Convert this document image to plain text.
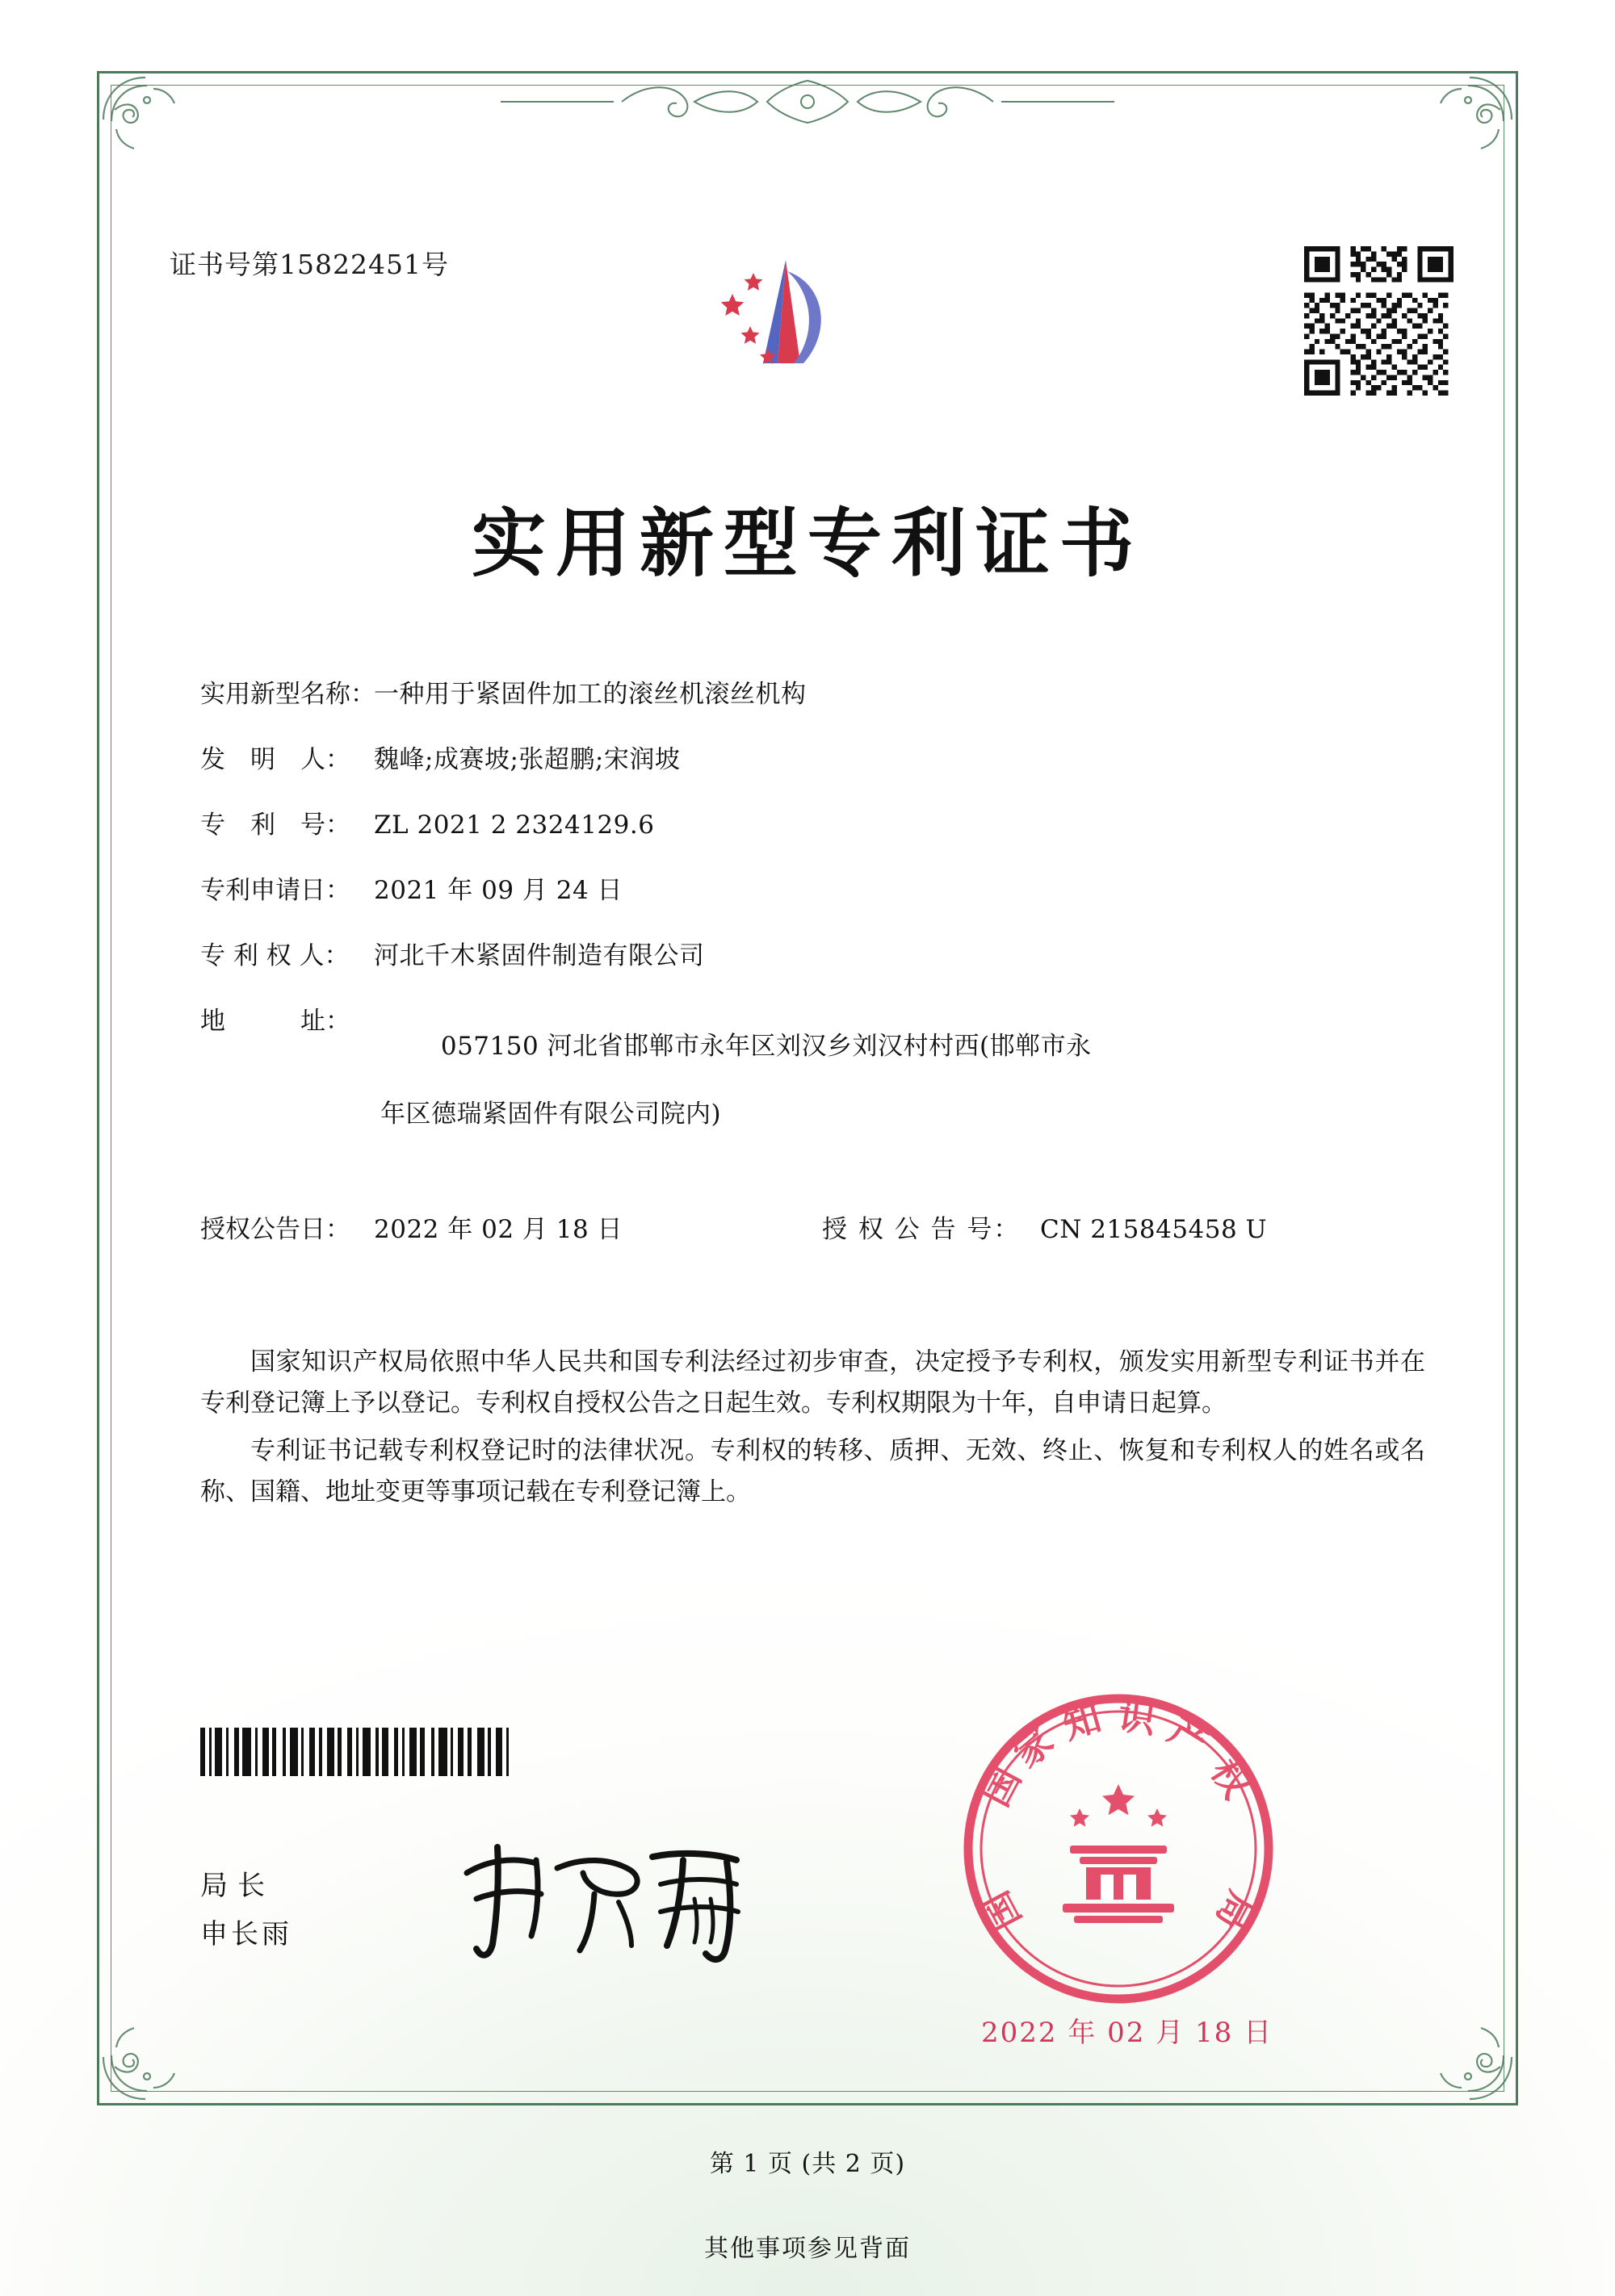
证书号第15822451号
实用新型专利证书
实用新型名称：
一种用于紧固件加工的滚丝机滚丝机构
发　明　人： 魏峰;成赛坡;张超鹏;宋润坡
专　利　号： ZL 2021 2 2324129.6
专利申请日： 2021 年 09 月 24 日
专 利 权 人： 河北千木紧固件制造有限公司
地　　　址：

057150 河北省邯郸市永年区刘汉乡刘汉村村西(邯郸市永

年区德瑞紧固件有限公司院内)

授权公告日： 2022 年 02 月 18 日	授 权 公 告 号： CN 215845458 U

国家知识产权局依照中华人民共和国专利法经过初步审查，决定授予专利权，颁发实用新型专利证书并在专利登记簿上予以登记。专利权自授权公告之日起生效。专利权期限为十年，自申请日起算。

专利证书记载专利权登记时的法律状况。专利权的转移、质押、无效、终止、恢复和专利权人的姓名或名称、国籍、地址变更等事项记载在专利登记簿上。

国
家
知 识 产
权
局
国
2022 年 02 月 18 日
局长
申长雨
第 1 页 (共 2 页)
其他事项参见背面
